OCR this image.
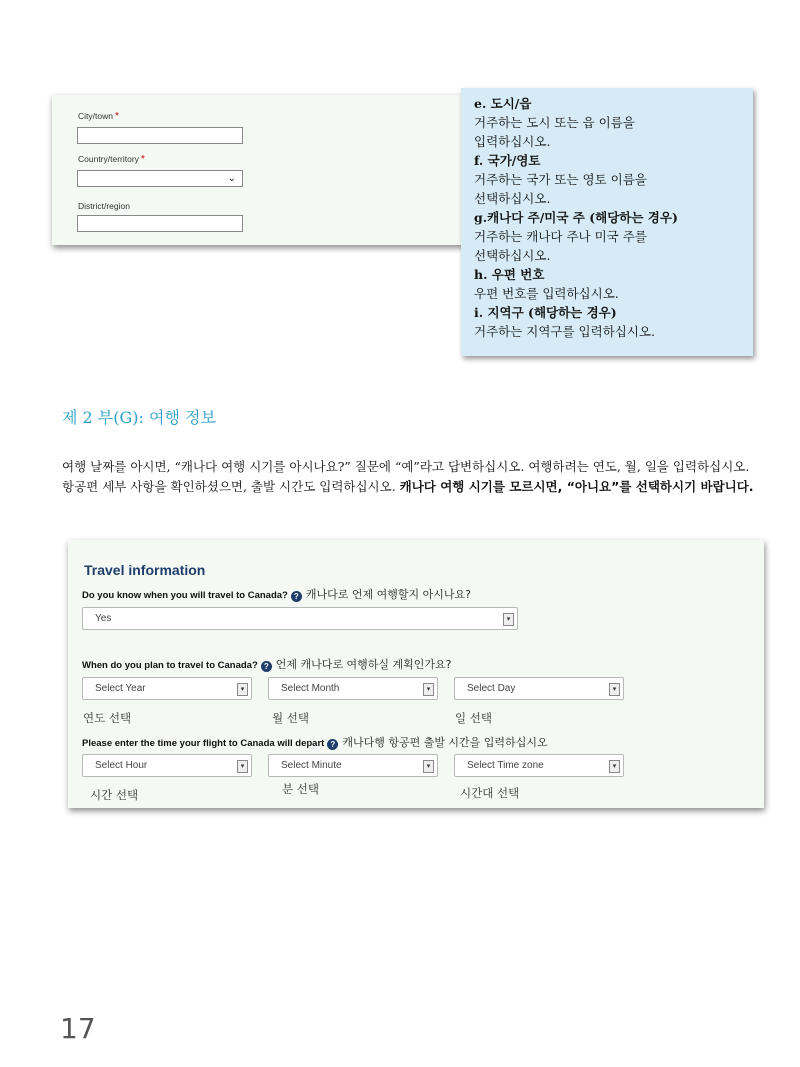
City/town *
Country/territory *
⌄
District/region
e. 도시/읍
거주하는 도시 또는 읍 이름을
입력하십시오.
f. 국가/영토
거주하는 국가 또는 영토 이름을
선택하십시오.
g.캐나다 주/미국 주 (해당하는 경우)
거주하는 캐나다 주나 미국 주를
선택하십시오.
h. 우편 번호
우편 번호를 입력하십시오.
i. 지역구 (해당하는 경우)
거주하는 지역구를 입력하십시오.
제 2 부(G): 여행 정보
여행 날짜를 아시면, “캐나다 여행 시기를 아시나요?” 질문에 “예”라고 답변하십시오. 여행하려는 연도, 월, 일을 입력하십시오. 항공편 세부 사항을 확인하셨으면, 출발 시간도 입력하십시오. 캐나다 여행 시기를 모르시면, “아니요”를 선택하시기 바랍니다.
Travel information
Do you know when you will travel to Canada? ? 캐나다로 언제 여행할지 아시나요?
Yes	▾
When do you plan to travel to Canada? ? 언제 캐나다로 여행하실 계획인가요?
Select Year	▾	Select Month	▾	Select Day	▾
연도 선택	월 선택	일 선택
Please enter the time your flight to Canada will depart ? 캐나다행 항공편 출발 시간을 입력하십시오
Select Hour	▾	Select Minute	▾	Select Time zone	▾
시간 선택	분 선택	시간대 선택
17
